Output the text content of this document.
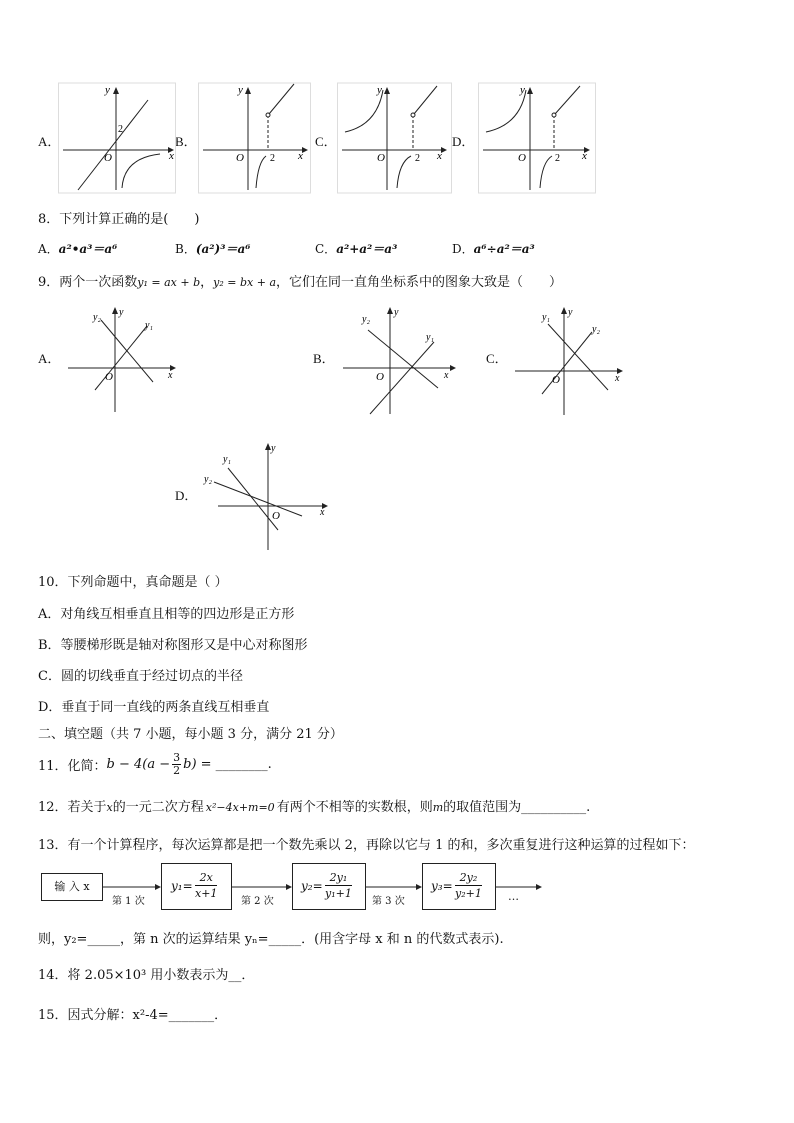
A．	B．	C．	D．
x
y
O
2
x
y
O	2	x
y
O	2	x
y
O	2
8．下列计算正确的是(　　)
A．a²•a³＝a⁶	B．(a²)³＝a⁶	C．a²+a²＝a³	D．a⁶÷a²＝a³
9．两个一次函数y₁ = ax + b，y₂ = bx + a，它们在同一直角坐标系中的图象大致是（　　）
A．	B．	C．
D．
y₂ y
y₁
O	x
y₂
y
y₁
O	x
y₁ y
y₂
O	x
y₁
y₂
y
O	x
10．下列命题中，真命题是（ ）
A．对角线互相垂直且相等的四边形是正方形
B．等腰梯形既是轴对称图形又是中心对称图形
C．圆的切线垂直于经过切点的半径
D．垂直于同一直线的两条直线互相垂直
二、填空题（共 7 小题，每小题 3 分，满分 21 分）
11．化简：$b - 4(a - \frac{3}{2} b)$ = ________.
12．若关于x的一元二次方程 x²−4x+m=0 有两个不相等的实数根，则m的取值范围为__________.
13．有一个计算程序，每次运算都是把一个数先乘以 2，再除以它与 1 的和，多次重复进行这种运算的过程如下：
输 入 x
第 1 次
$y_1= \frac{2x}{x+1}$
第 2 次
$y_2= \frac{\text{2y₁}}{\text{y₁+1}}$
第 3 次
$y_3= \frac{\text{2y₂}}{\text{y₂+1}}$ …
则，y₂=_____，第 n 次的运算结果 yₙ=_____．(用含字母 x 和 n 的代数式表示).
14．将 2.05×10³ 用小数表示为__．
15．因式分解：x²-4=_______．
